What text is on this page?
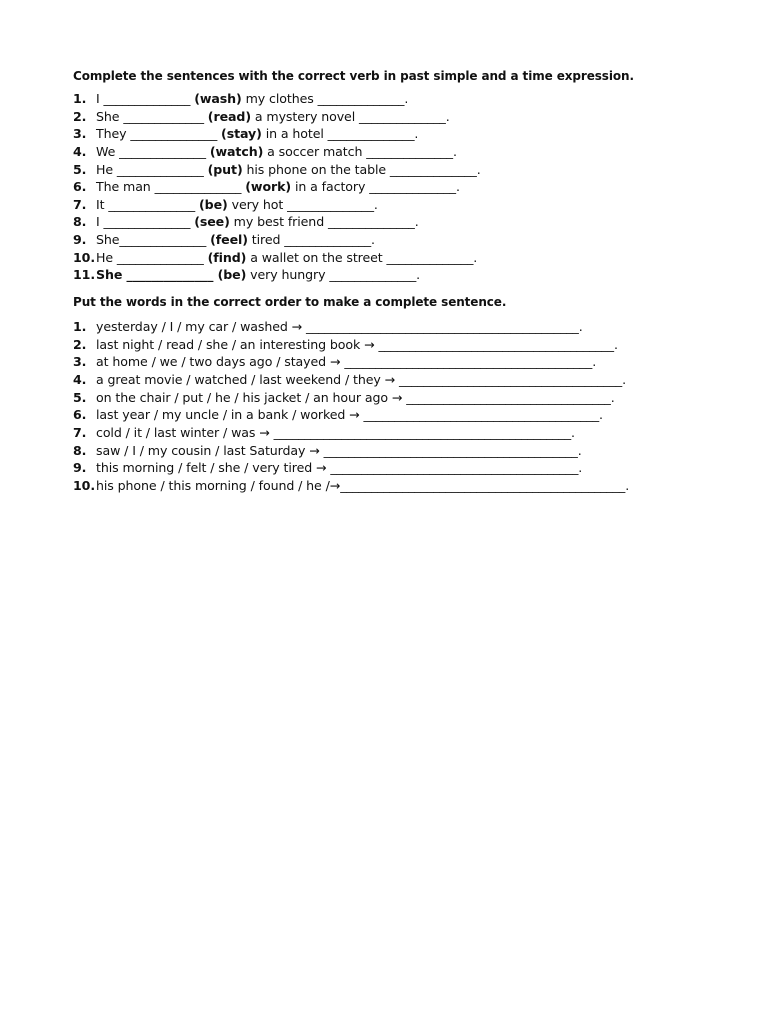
Complete the sentences with the correct verb in past simple and a time expression.

1. I ______________ (wash) my clothes ______________.
2. She _____________ (read) a mystery novel ______________.
3. They ______________ (stay) in a hotel ______________.
4. We ______________ (watch) a soccer match ______________.
5. He ______________ (put) his phone on the table ______________.
6. The man ______________ (work) in a factory ______________.
7. It ______________ (be) very hot ______________.
8. I ______________ (see) my best friend ______________.
9. She______________ (feel) tired ______________.
10. He ______________ (find) a wallet on the street ______________.
11. She ______________ (be) very hungry ______________.

Put the words in the correct order to make a complete sentence.

1. yesterday / I / my car / washed → ____________________________________________.
2. last night / read / she / an interesting book → ______________________________________.
3. at home / we / two days ago / stayed → ________________________________________.
4. a great movie / watched / last weekend / they → ____________________________________.
5. on the chair / put / he / his jacket / an hour ago → _________________________________.
6. last year / my uncle / in a bank / worked → ______________________________________.
7. cold / it / last winter / was → ________________________________________________.
8. saw / I / my cousin / last Saturday → _________________________________________.
9. this morning / felt / she / very tired → ________________________________________.
10. his phone / this morning / found / he /→______________________________________________.
